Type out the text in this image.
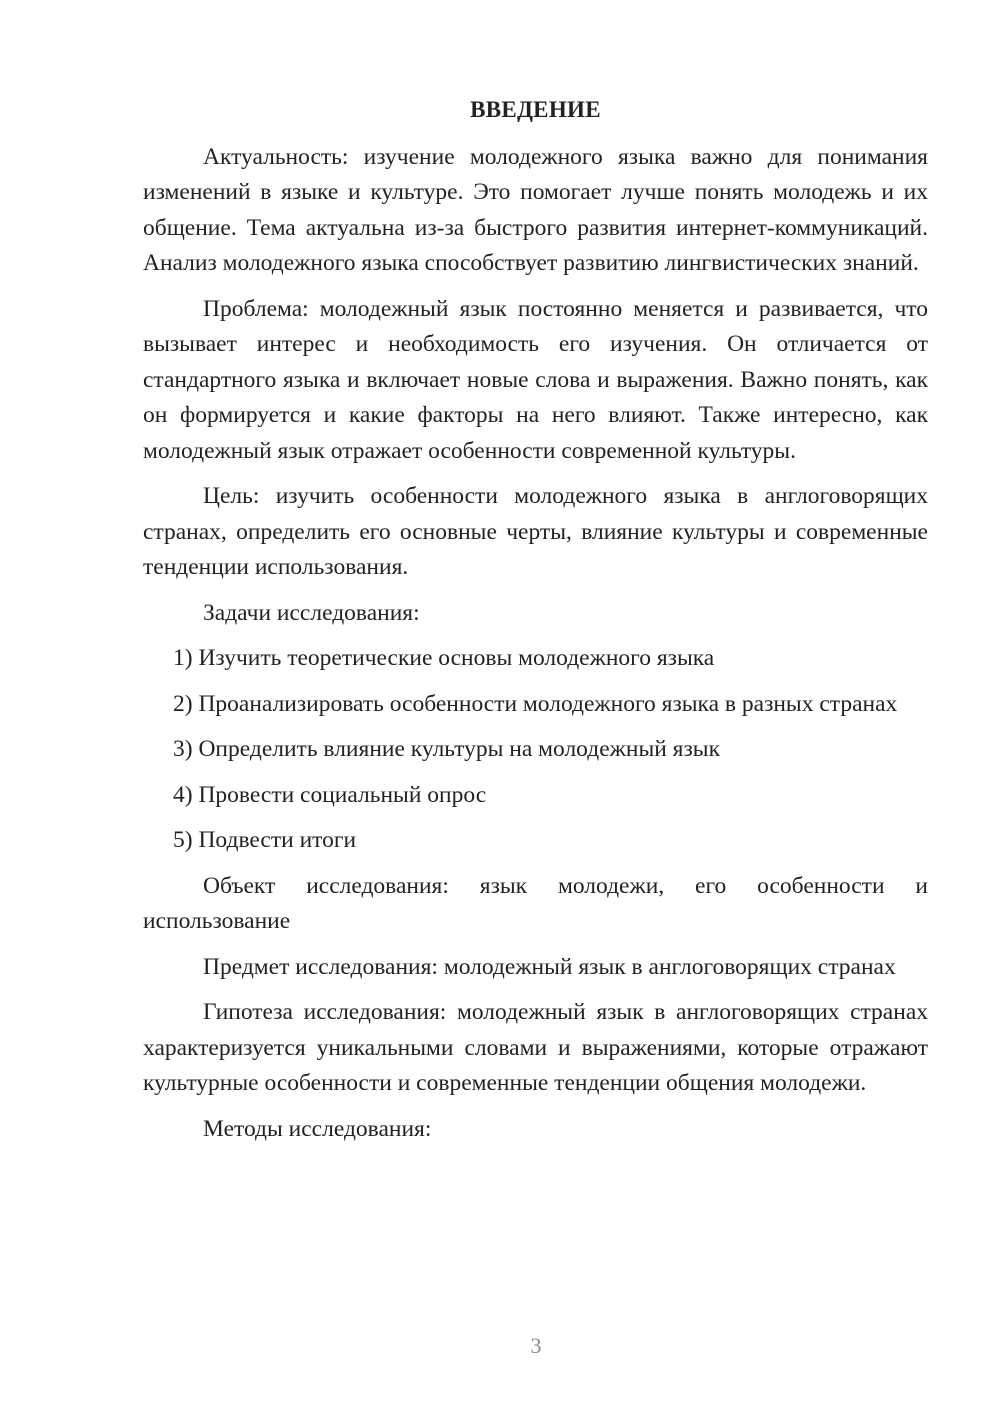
ВВЕДЕНИЕ

Актуальность: изучение молодежного языка важно для понимания изменений в языке и культуре. Это помогает лучше понять молодежь и их общение. Тема актуальна из-за быстрого развития интернет-коммуникаций. Анализ молодежного языка способствует развитию лингвистических знаний.

Проблема: молодежный язык постоянно меняется и развивается, что вызывает интерес и необходимость его изучения. Он отличается от стандартного языка и включает новые слова и выражения. Важно понять, как он формируется и какие факторы на него влияют. Также интересно, как молодежный язык отражает особенности современной культуры.

Цель: изучить особенности молодежного языка в англоговорящих странах, определить его основные черты, влияние культуры и современные тенденции использования.

Задачи исследования:

1) Изучить теоретические основы молодежного языка

2) Проанализировать особенности молодежного языка в разных странах

3) Определить влияние культуры на молодежный язык

4) Провести социальный опрос

5) Подвести итоги

Объект исследования: язык молодежи, его особенности и использование

Предмет исследования: молодежный язык в англоговорящих странах

Гипотеза исследования: молодежный язык в англоговорящих странах характеризуется уникальными словами и выражениями, которые отражают культурные особенности и современные тенденции общения молодежи.

Методы исследования:

3
